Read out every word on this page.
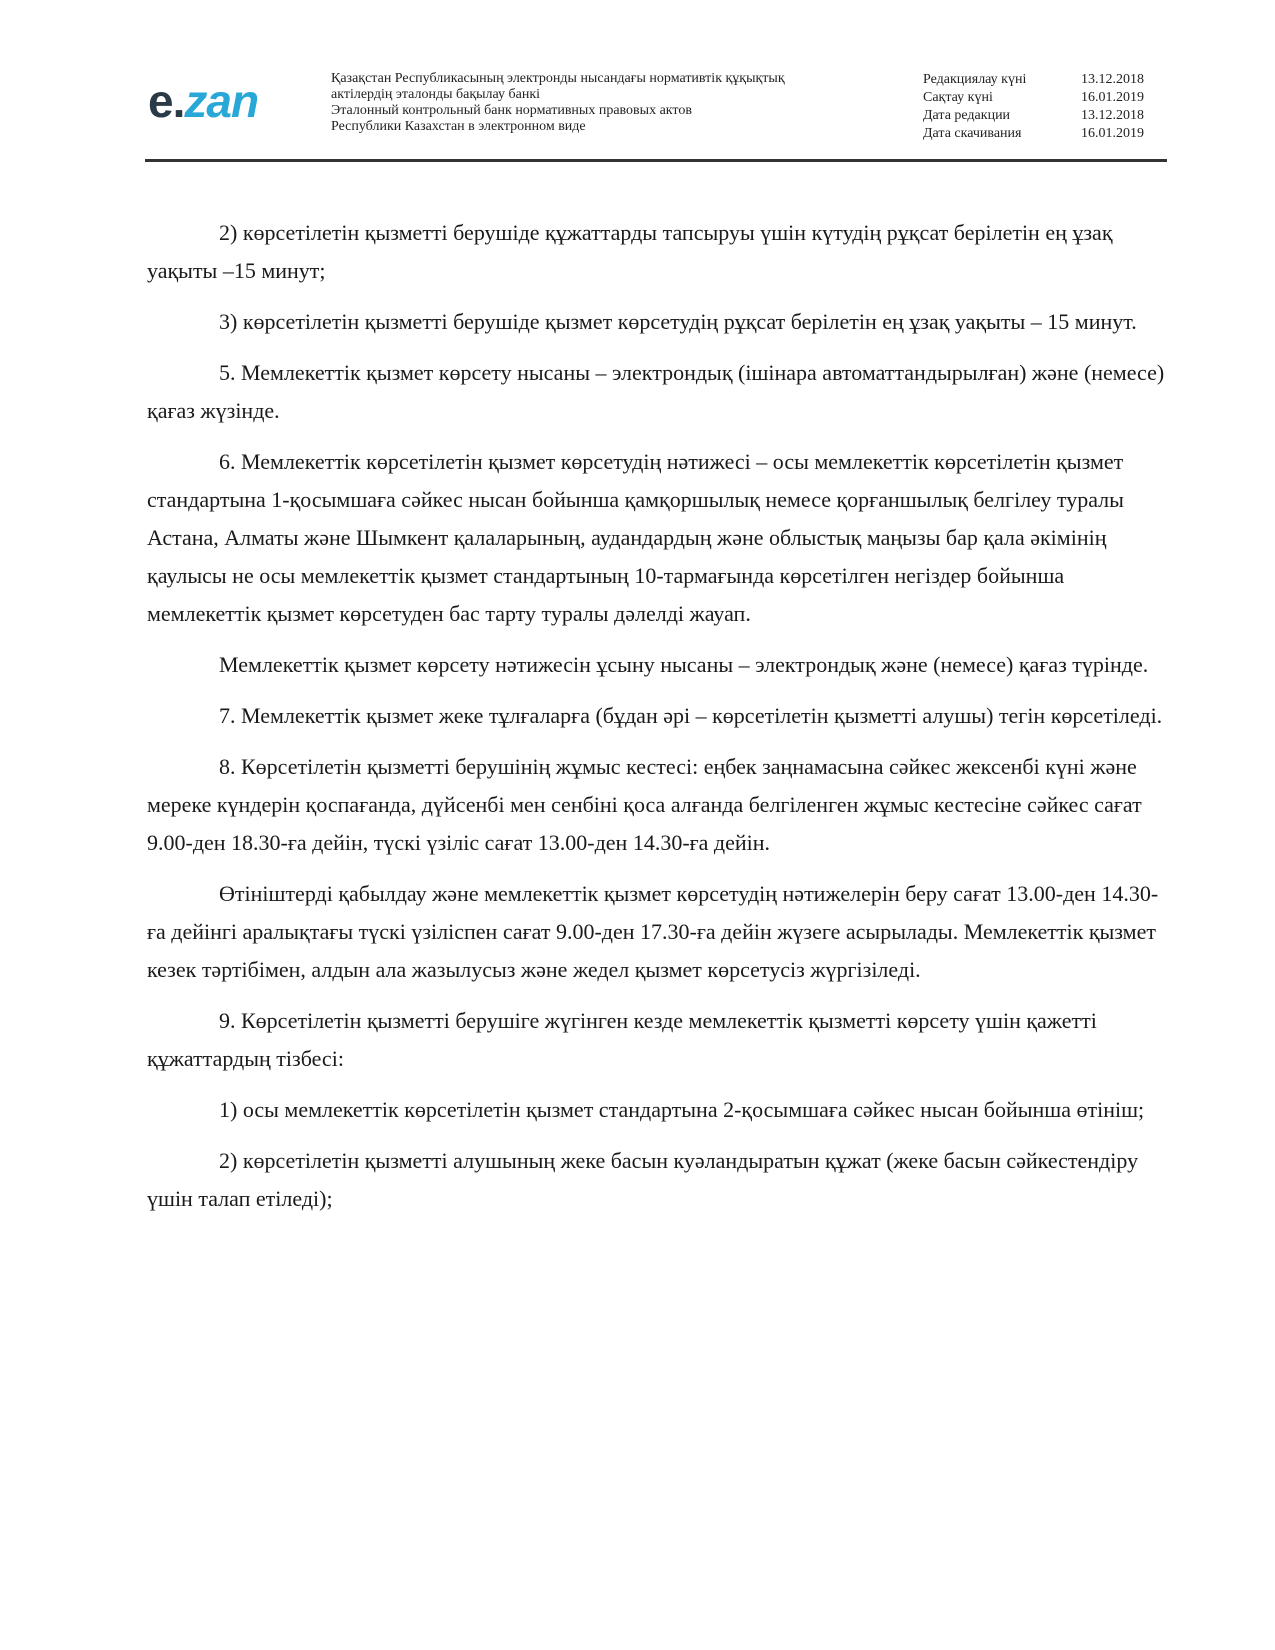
e.zan	Қазақстан Республикасының электронды нысандағы нормативтік құқықтық
актілердің эталонды бақылау банкі
Эталонный контрольный банк нормативных правовых актов
Республики Казахстан в электронном виде
Редакциялау күні	13.12.2018
Сақтау күні	16.01.2019
Дата редакции	13.12.2018
Дата скачивания	16.01.2019

2) көрсетілетін қызметті берушіде құжаттарды тапсыруы үшін күтудің рұқсат берілетін ең ұзақ уақыты –15 минут;

3) көрсетілетін қызметті берушіде қызмет көрсетудің рұқсат берілетін ең ұзақ уақыты – 15 минут.

5. Мемлекеттік қызмет көрсету нысаны – электрондық (ішінара автоматтандырылған) және (немесе) қағаз жүзінде.

6. Мемлекеттік көрсетілетін қызмет көрсетудің нәтижесі – осы мемлекеттік көрсетілетін қызмет стандартына 1-қосымшаға сәйкес нысан бойынша қамқоршылық немесе қорғаншылық белгілеу туралы Астана, Алматы және Шымкент қалаларының, аудандардың және облыстық маңызы бар қала әкімінің қаулысы не осы мемлекеттік қызмет стандартының 10-тармағында көрсетілген негіздер бойынша мемлекеттік қызмет көрсетуден бас тарту туралы дәлелді жауап.

Мемлекеттік қызмет көрсету нәтижесін ұсыну нысаны – электрондық және (немесе) қағаз түрінде.

7. Мемлекеттік қызмет жеке тұлғаларға (бұдан әрі – көрсетілетін қызметті алушы) тегін көрсетіледі.

8. Көрсетілетін қызметті берушінің жұмыс кестесі: еңбек заңнамасына сәйкес жексенбі күні және мереке күндерін қоспағанда, дүйсенбі мен сенбіні қоса алғанда белгіленген жұмыс кестесіне сәйкес сағат 9.00-ден 18.30-ға дейін, түскі үзіліс сағат 13.00-ден 14.30-ға дейін.

Өтініштерді қабылдау және мемлекеттік қызмет көрсетудің нәтижелерін беру сағат 13.00-ден 14.30-ға дейінгі аралықтағы түскі үзіліспен сағат 9.00-ден 17.30-ға дейін жүзеге асырылады. Мемлекеттік қызмет кезек тәртібімен, алдын ала жазылусыз және жедел қызмет көрсетусіз жүргізіледі.

9. Көрсетілетін қызметті берушіге жүгінген кезде мемлекеттік қызметті көрсету үшін қажетті құжаттардың тізбесі:

1) осы мемлекеттік көрсетілетін қызмет стандартына 2-қосымшаға сәйкес нысан бойынша өтініш;

2) көрсетілетін қызметті алушының жеке басын куәландыратын құжат (жеке басын сәйкестендіру үшін талап етіледі);
